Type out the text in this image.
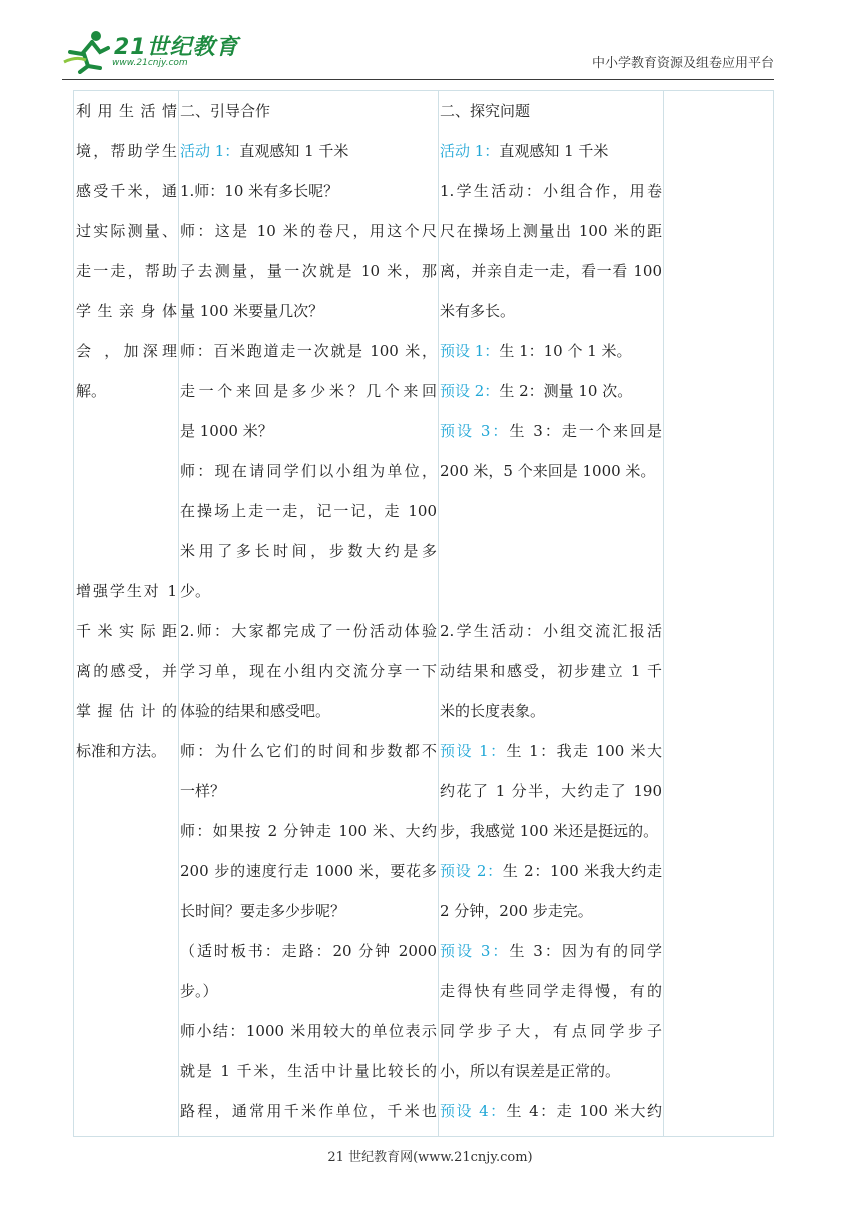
21世纪教育
www.21cnjy.com	中小学教育资源及组卷应用平台

利用生活情

境，帮助学生

感受千米，通

过实际测量、

走一走，帮助

学生亲身体

会 ，加深理

解。

增强学生对 1

千米实际距

离的感受，并

掌握估计的

标准和方法。

二、引导合作

活动 1：直观感知 1 千米

1.师：10 米有多长呢？

师：这是 10 米的卷尺，用这个尺

子去测量，量一次就是 10 米，那

量 100 米要量几次？

师：百米跑道走一次就是 100 米，

走一个来回是多少米？几个来回

是 1000 米？

师：现在请同学们以小组为单位，

在操场上走一走，记一记，走 100

米用了多长时间，步数大约是多

少。

2.师：大家都完成了一份活动体验

学习单，现在小组内交流分享一下

体验的结果和感受吧。

师：为什么它们的时间和步数都不

一样？

师：如果按 2 分钟走 100 米、大约

200 步的速度行走 1000 米，要花多

长时间？要走多少步呢？

（适时板书：走路：20 分钟 2000

步。）

师小结：1000 米用较大的单位表示

就是 1 千米，生活中计量比较长的

路程，通常用千米作单位，千米也

二、探究问题

活动 1：直观感知 1 千米

1.学生活动：小组合作，用卷

尺在操场上测量出 100 米的距

离，并亲自走一走，看一看 100

米有多长。

预设 1：生 1：10 个 1 米。

预设 2：生 2：测量 10 次。

预设 3：生 3：走一个来回是

200 米，5 个来回是 1000 米。

2.学生活动：小组交流汇报活

动结果和感受，初步建立 1 千

米的长度表象。

预设 1：生 1：我走 100 米大

约花了 1 分半，大约走了 190

步，我感觉 100 米还是挺远的。

预设 2：生 2：100 米我大约走

2 分钟，200 步走完。

预设 3：生 3：因为有的同学

走得快有些同学走得慢，有的

同学步子大，有点同学步子

小，所以有误差是正常的。

预设 4：生 4：走 100 米大约

21 世纪教育网(www.21cnjy.com)
